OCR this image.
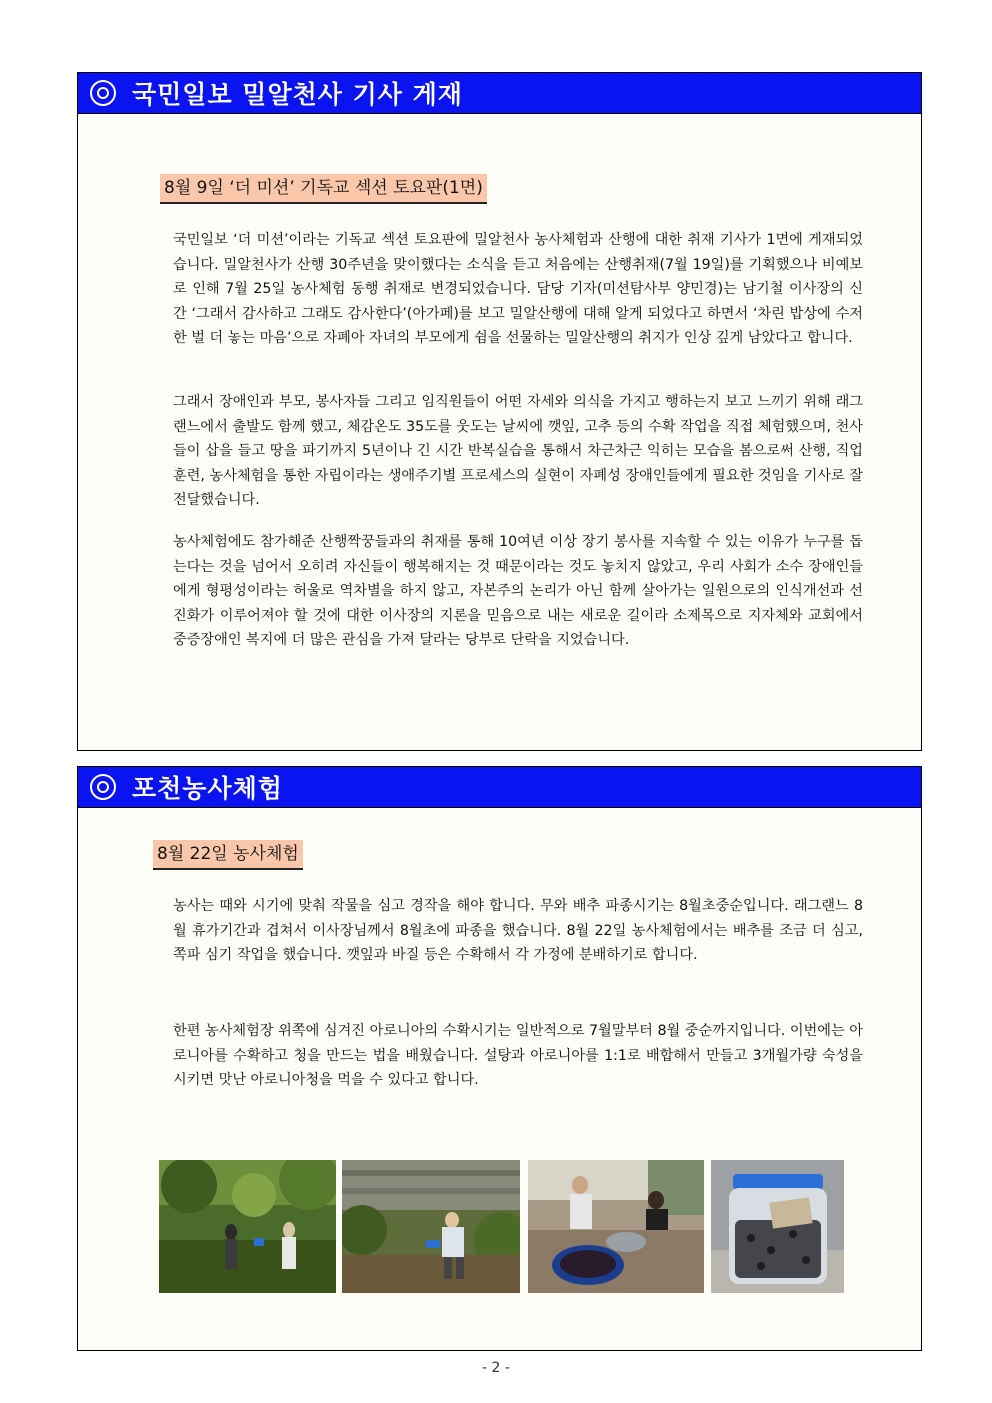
국민일보 밀알천사 기사 게재
8월 9일 ‘더 미션’ 기독교 섹션 토요판(1면)

국민일보 ‘더 미션’이라는 기독교 섹션 토요판에 밀알천사 농사체험과 산행에 대한 취재 기사가 1면에 게재되었습니다. 밀알천사가 산행 30주년을 맞이했다는 소식을 듣고 처음에는 산행취재(7월 19일)를 기획했으나 비예보로 인해 7월 25일 농사체험 동행 취재로 변경되었습니다. 담당 기자(미션탐사부 양민경)는 남기철 이사장의 신간 ‘그래서 감사하고 그래도 감사한다’(아가페)를 보고 밀알산행에 대해 알게 되었다고 하면서 ‘차린 밥상에 수저 한 벌 더 놓는 마음’으로 자폐아 자녀의 부모에게 쉼을 선물하는 밀알산행의 취지가 인상 깊게 남았다고 합니다.

그래서 장애인과 부모, 봉사자들 그리고 임직원들이 어떤 자세와 의식을 가지고 행하는지 보고 느끼기 위해 래그랜느에서 출발도 함께 했고, 체감온도 35도를 웃도는 날씨에 깻잎, 고추 등의 수확 작업을 직접 체험했으며, 천사들이 삽을 들고 땅을 파기까지 5년이나 긴 시간 반복실습을 통해서 차근차근 익히는 모습을 봄으로써 산행, 직업훈련, 농사체험을 통한 자립이라는 생애주기별 프로세스의 실현이 자폐성 장애인들에게 필요한 것임을 기사로 잘 전달했습니다.

농사체험에도 참가해준 산행짝꿍들과의 취재를 통해 10여년 이상 장기 봉사를 지속할 수 있는 이유가 누구를 돕는다는 것을 넘어서 오히려 자신들이 행복해지는 것 때문이라는 것도 놓치지 않았고, 우리 사회가 소수 장애인들에게 형평성이라는 허울로 역차별을 하지 않고, 자본주의 논리가 아닌 함께 살아가는 일원으로의 인식개선과 선진화가 이루어져야 할 것에 대한 이사장의 지론을 믿음으로 내는 새로운 길이라 소제목으로 지자체와 교회에서 중증장애인 복지에 더 많은 관심을 가져 달라는 당부로 단락을 지었습니다.

포천농사체험
8월 22일 농사체험

농사는 때와 시기에 맞춰 작물을 심고 경작을 해야 합니다. 무와 배추 파종시기는 8월초중순입니다. 래그랜느 8월 휴가기간과 겹쳐서 이사장님께서 8월초에 파종을 했습니다. 8월 22일 농사체험에서는 배추를 조금 더 심고, 쪽파 심기 작업을 했습니다. 깻잎과 바질 등은 수확해서 각 가정에 분배하기로 합니다.

한편 농사체험장 위쪽에 심겨진 아로니아의 수확시기는 일반적으로 7월말부터 8월 중순까지입니다. 이번에는 아로니아를 수확하고 청을 만드는 법을 배웠습니다. 설탕과 아로니아를 1:1로 배합해서 만들고 3개월가량 숙성을 시키면 맛난 아로니아청을 먹을 수 있다고 합니다.

- 2 -
